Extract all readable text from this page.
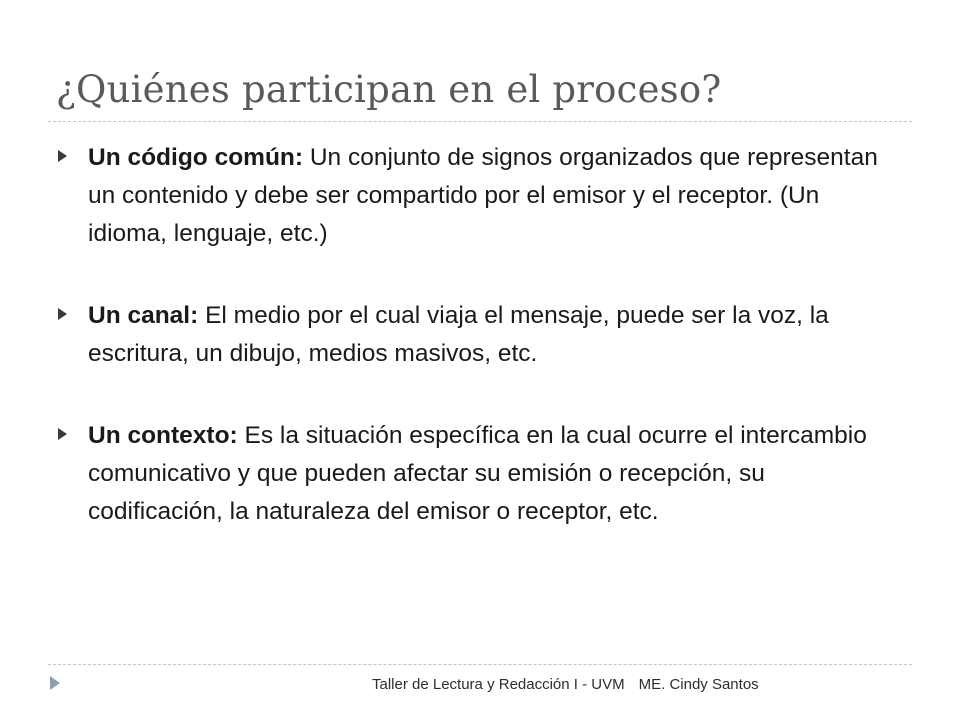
¿Quiénes participan en el proceso?
Un código común: Un conjunto de signos organizados que representan un contenido y debe ser compartido por el emisor y el receptor. (Un idioma, lenguaje, etc.)
Un canal: El medio por el cual viaja el mensaje, puede ser la voz, la escritura, un dibujo, medios masivos, etc.
Un contexto: Es la situación específica en la cual ocurre el intercambio comunicativo y que pueden afectar su emisión o recepción, su codificación, la naturaleza del emisor o receptor, etc.
Taller de Lectura y Redacción I - UVM ME. Cindy Santos
